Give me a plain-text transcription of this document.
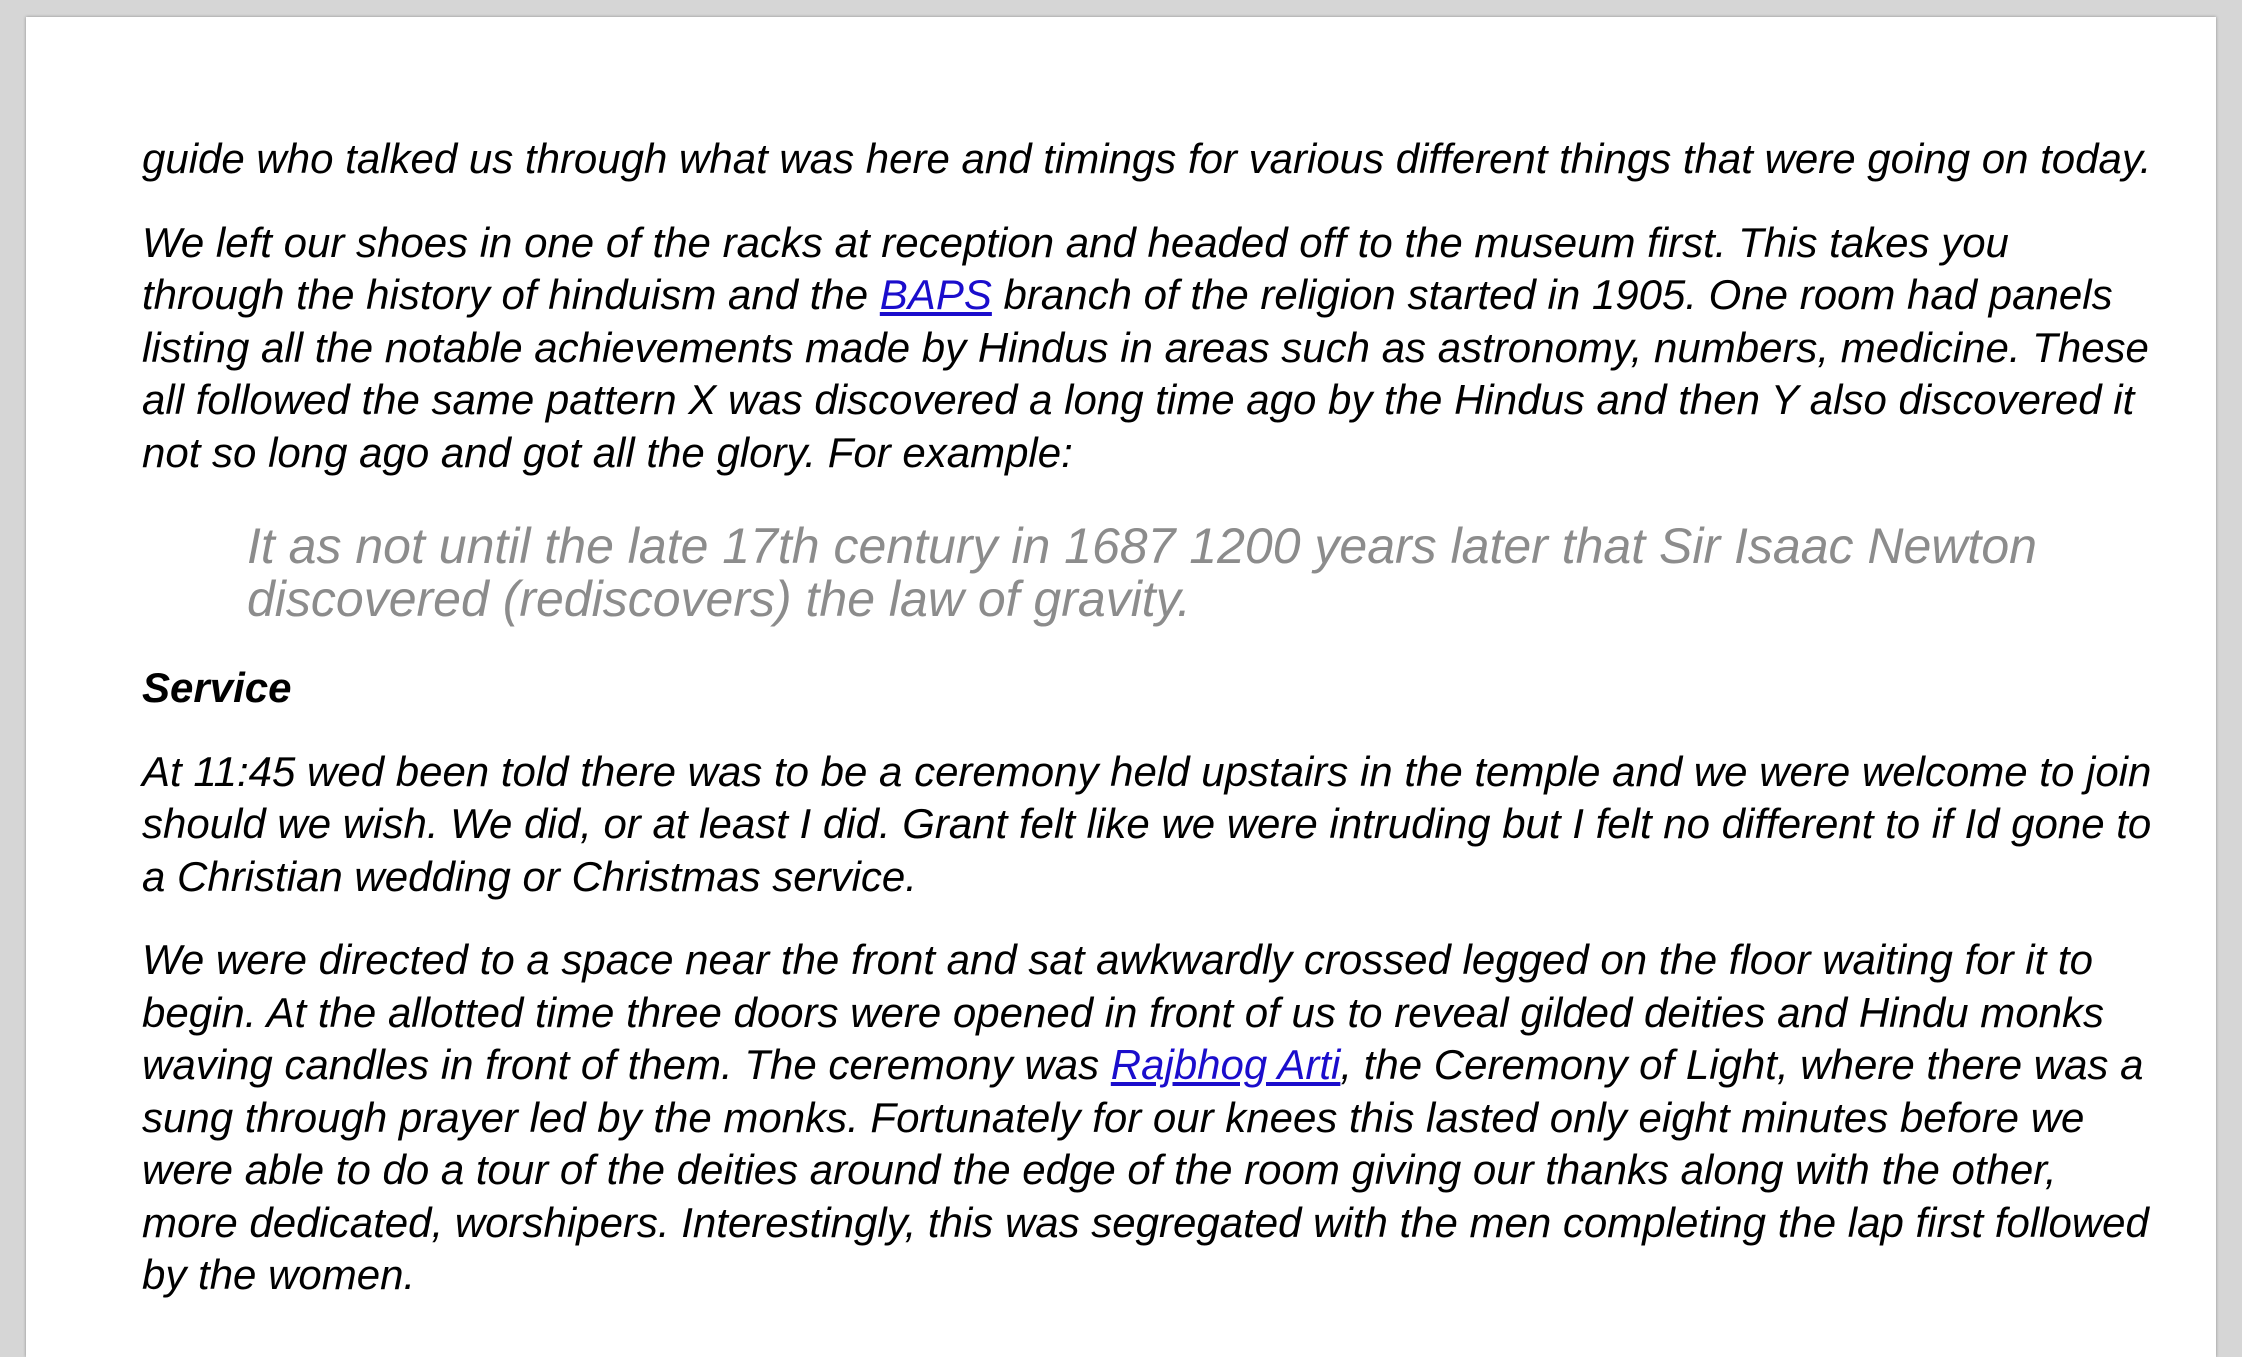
guide who talked us through what was here and timings for various different things that were going on today.

We left our shoes in one of the racks at reception and headed off to the museum first. This takes you through the history of hinduism and the BAPS branch of the religion started in 1905. One room had panels listing all the notable achievements made by Hindus in areas such as astronomy, numbers, medicine. These all followed the same pattern X was discovered a long time ago by the Hindus and then Y also discovered it not so long ago and got all the glory. For example:

It as not until the late 17th century in 1687 1200 years later that Sir Isaac Newton discovered (rediscovers) the law of gravity.

Service

At 11:45 wed been told there was to be a ceremony held upstairs in the temple and we were welcome to join should we wish. We did, or at least I did. Grant felt like we were intruding but I felt no different to if Id gone to a Christian wedding or Christmas service.

We were directed to a space near the front and sat awkwardly crossed legged on the floor waiting for it to begin. At the allotted time three doors were opened in front of us to reveal gilded deities and Hindu monks waving candles in front of them. The ceremony was Rajbhog Arti, the Ceremony of Light, where there was a sung through prayer led by the monks. Fortunately for our knees this lasted only eight minutes before we were able to do a tour of the deities around the edge of the room giving our thanks along with the other, more dedicated, worshipers. Interestingly, this was segregated with the men completing the lap first followed by the women.
